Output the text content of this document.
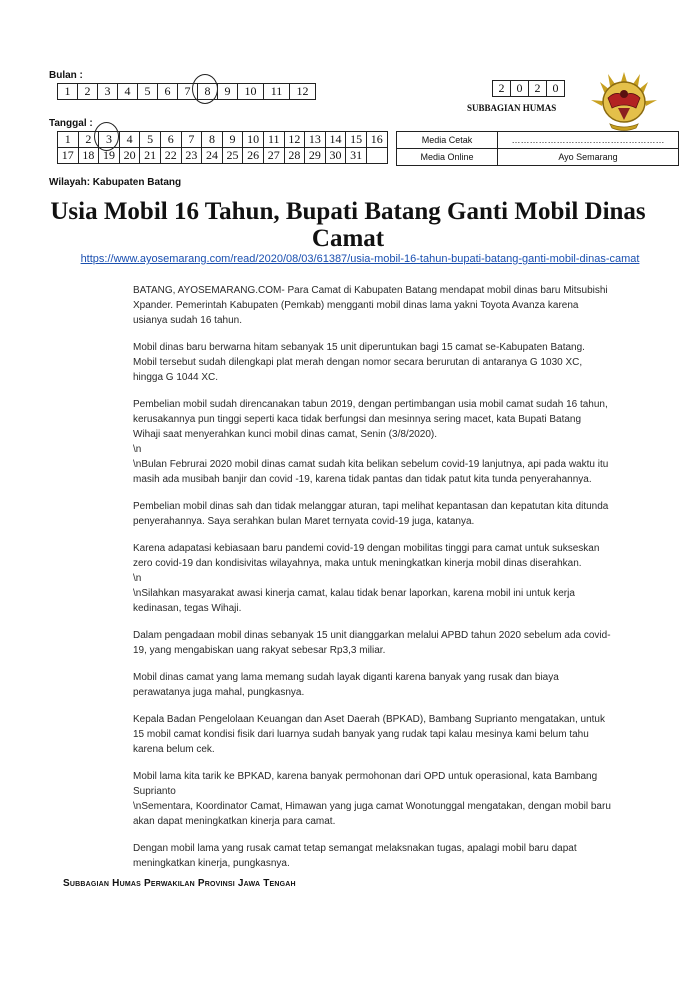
Bulan :
1	2	3	4	5	6	7	8	9	10	11	12
Tanggal :
1	2	3	4	5	6	7	8	9	10	11	12	13	14	15	16
17	18	19	20	21	22	23	24	25	26	27	28	29	30	31	
2	0	2	0
SUBBAGIAN HUMAS
Media Cetak	……………………………………………
Media Online	Ayo Semarang
Wilayah: Kabupaten Batang
Usia Mobil 16 Tahun, Bupati Batang Ganti Mobil Dinas Camat
https://www.ayosemarang.com/read/2020/08/03/61387/usia-mobil-16-tahun-bupati-batang-ganti-mobil-dinas-camat

BATANG, AYOSEMARANG.COM- Para Camat di Kabupaten Batang mendapat mobil dinas baru Mitsubishi Xpander. Pemerintah Kabupaten (Pemkab) mengganti mobil dinas lama yakni Toyota Avanza karena usianya sudah 16 tahun.

Mobil dinas baru berwarna hitam sebanyak 15 unit diperuntukan bagi 15 camat se-Kabupaten Batang. Mobil tersebut sudah dilengkapi plat merah dengan nomor secara berurutan di antaranya G 1030 XC, hingga G 1044 XC.

Pembelian mobil sudah direncanakan tabun 2019, dengan pertimbangan usia mobil camat sudah 16 tahun, kerusakannya pun tinggi seperti kaca tidak berfungsi dan mesinnya sering macet, kata Bupati Batang Wihaji saat menyerahkan kunci mobil dinas camat, Senin (3/8/2020).
\n
\nBulan Februrai 2020 mobil dinas camat sudah kita belikan sebelum covid-19 lanjutnya, api pada waktu itu masih ada musibah banjir dan covid -19, karena tidak pantas dan tidak patut kita tunda penyerahannya.

Pembelian mobil dinas sah dan tidak melanggar aturan, tapi melihat kepantasan dan kepatutan kita ditunda penyerahannya. Saya serahkan bulan Maret ternyata covid-19 juga, katanya.

Karena adapatasi kebiasaan baru pandemi covid-19 dengan mobilitas tinggi para camat untuk sukseskan zero covid-19 dan kondisivitas wilayahnya, maka untuk meningkatkan kinerja mobil dinas diserahkan.
\n
\nSilahkan masyarakat awasi kinerja camat, kalau tidak benar laporkan, karena mobil ini untuk kerja kedinasan, tegas Wihaji.

Dalam pengadaan mobil dinas sebanyak 15 unit dianggarkan melalui APBD tahun 2020 sebelum ada covid-19, yang mengabiskan uang rakyat sebesar Rp3,3 miliar.

Mobil dinas camat yang lama memang sudah layak diganti karena banyak yang rusak dan biaya perawatanya juga mahal, pungkasnya.

Kepala Badan Pengelolaan Keuangan dan Aset Daerah (BPKAD), Bambang Suprianto mengatakan, untuk 15 mobil camat kondisi fisik dari luarnya sudah banyak yang rudak tapi kalau mesinya kami belum tahu karena belum cek.

Mobil lama kita tarik ke BPKAD, karena banyak permohonan dari OPD untuk operasional, kata Bambang Suprianto
\nSementara, Koordinator Camat, Himawan yang juga camat Wonotunggal mengatakan, dengan mobil baru akan dapat meningkatkan kinerja para camat.

Dengan mobil lama yang rusak camat tetap semangat melaksnakan tugas, apalagi mobil baru dapat meningkatkan kinerja, pungkasnya.

Subbagian Humas Perwakilan Provinsi Jawa Tengah
